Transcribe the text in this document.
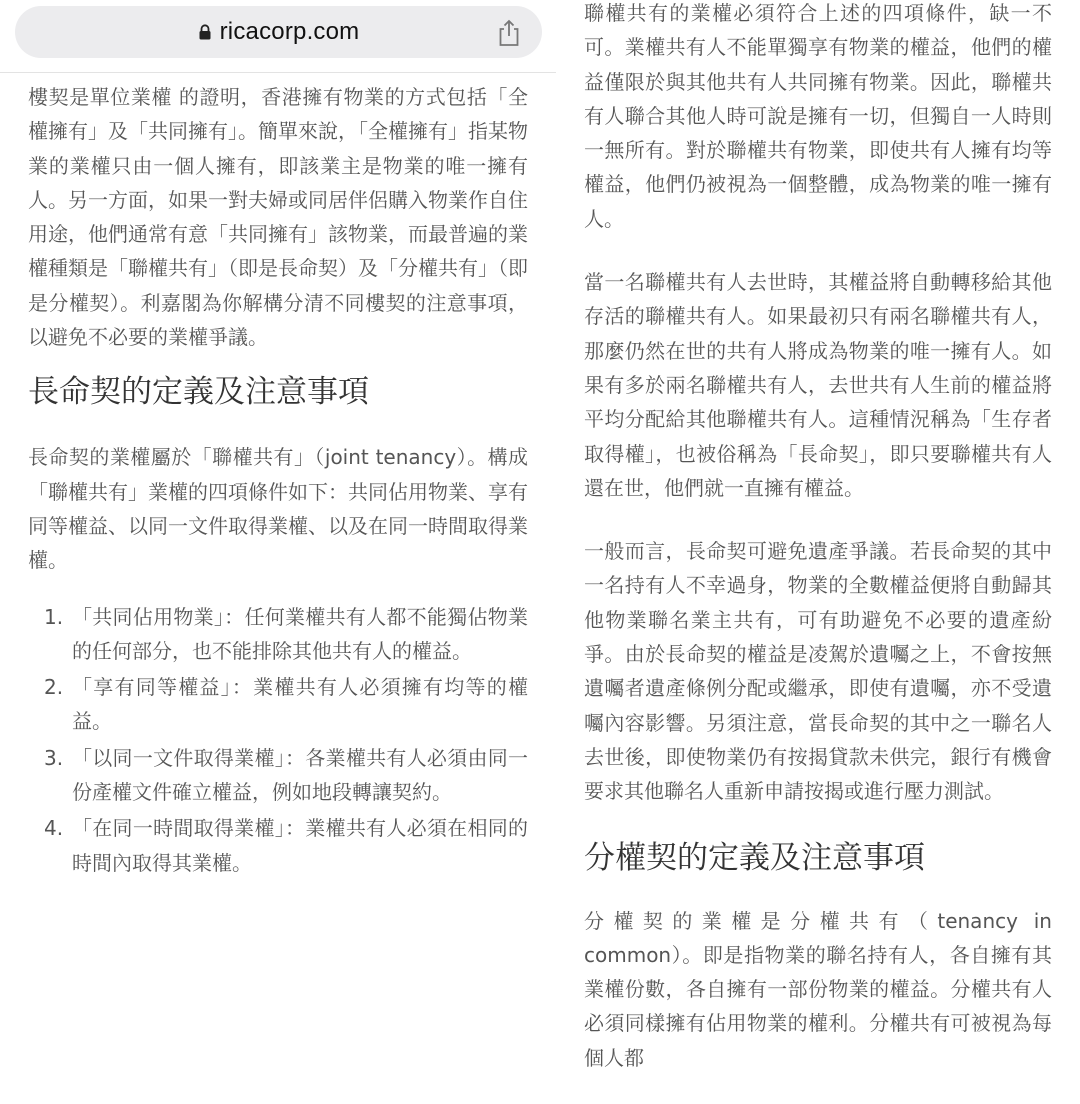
ricacorp.com

樓契是單位業權 的證明，香港擁有物業的方式包括「全權擁有」及「共同擁有」。簡單來說，「全權擁有」指某物業的業權只由一個人擁有，即該業主是物業的唯一擁有人。另一方面，如果一對夫婦或同居伴侶購入物業作自住用途，他們通常有意「共同擁有」該物業，而最普遍的業權種類是「聯權共有」（即是長命契）及「分權共有」（即是分權契）。利嘉閣為你解構分清不同樓契的注意事項，以避免不必要的業權爭議。

長命契的定義及注意事項

長命契的業權屬於「聯權共有」（joint tenancy）。構成「聯權共有」業權的四項條件如下：共同佔用物業、享有同等權益、以同一文件取得業權、以及在同一時間取得業權。

1. 「共同佔用物業」：任何業權共有人都不能獨佔物業的任何部分，也不能排除其他共有人的權益。
2. 「享有同等權益」：業權共有人必須擁有均等的權益。
3. 「以同一文件取得業權」：各業權共有人必須由同一份產權文件確立權益，例如地段轉讓契約。
4. 「在同一時間取得業權」：業權共有人必須在相同的時間內取得其業權。

聯權共有的業權必須符合上述的四項條件，缺一不可。業權共有人不能單獨享有物業的權益，他們的權益僅限於與其他共有人共同擁有物業。因此，聯權共有人聯合其他人時可說是擁有一切，但獨自一人時則一無所有。對於聯權共有物業，即使共有人擁有均等權益，他們仍被視為一個整體，成為物業的唯一擁有人。

當一名聯權共有人去世時，其權益將自動轉移給其他存活的聯權共有人。如果最初只有兩名聯權共有人，那麼仍然在世的共有人將成為物業的唯一擁有人。如果有多於兩名聯權共有人，去世共有人生前的權益將平均分配給其他聯權共有人。這種情況稱為「生存者取得權」，也被俗稱為「長命契」，即只要聯權共有人還在世，他們就一直擁有權益。

一般而言，長命契可避免遺產爭議。若長命契的其中一名持有人不幸過身，物業的全數權益便將自動歸其他物業聯名業主共有，可有助避免不必要的遺產紛爭。由於長命契的權益是凌駕於遺囑之上，不會按無遺囑者遺產條例分配或繼承，即使有遺囑，亦不受遺囑內容影響。另須注意，當長命契的其中之一聯名人去世後，即使物業仍有按揭貸款未供完，銀行有機會要求其他聯名人重新申請按揭或進行壓力測試。

分權契的定義及注意事項

分權契的業權是分權共有（tenancy in common）。即是指物業的聯名持有人，各自擁有其業權份數，各自擁有一部份物業的權益。分權共有人必須同樣擁有佔用物業的權利。分權共有可被視為每個人都
